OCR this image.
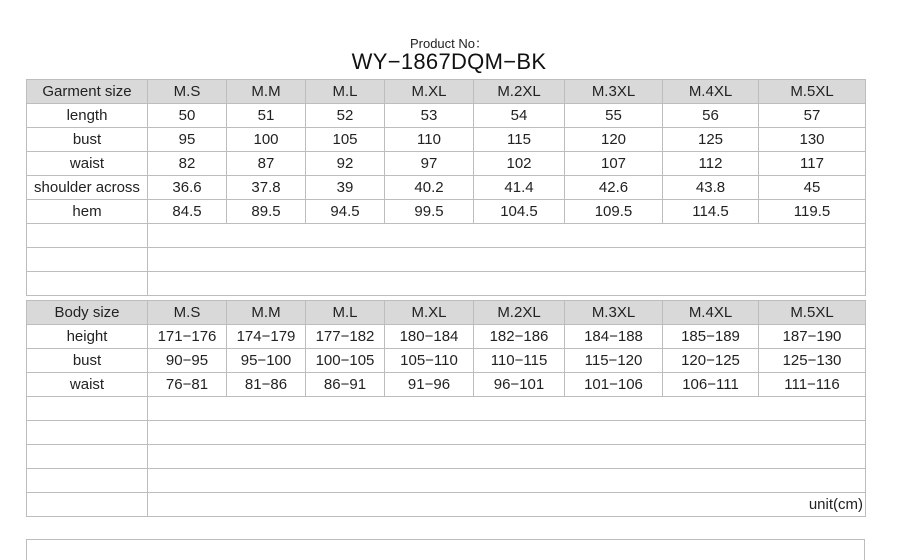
Product No：
WY−1867DQM−BK
Garment size	M.S	M.M	M.L	M.XL	M.2XL	M.3XL	M.4XL	M.5XL
length	50	51	52	53	54	55	56	57
bust	95	100	105	110	115	120	125	130
waist	82	87	92	97	102	107	112	117
shoulder across	36.6	37.8	39	40.2	41.4	42.6	43.8	45
hem	84.5	89.5	94.5	99.5	104.5	109.5	114.5	119.5

Body size	M.S	M.M	M.L	M.XL	M.2XL	M.3XL	M.4XL	M.5XL
height	171−176	174−179	177−182	180−184	182−186	184−188	185−189	187−190
bust	90−95	95−100	100−105	105−110	110−115	115−120	120−125	125−130
waist	76−81	81−86	86−91	91−96	96−101	101−106	106−111	111−116

	unit(cm)							
